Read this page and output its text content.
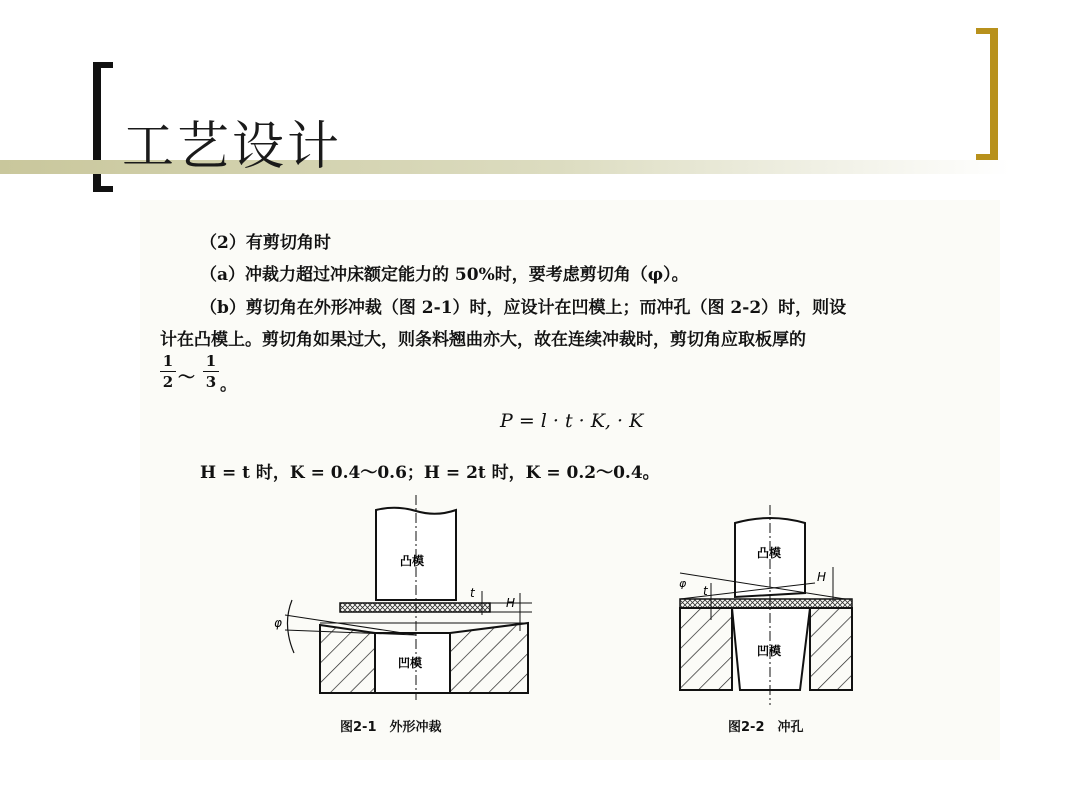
工艺设计
（2）有剪切角时
（a）冲裁力超过冲床额定能力的 50%时，要考虑剪切角（φ）。
（b）剪切角在外形冲裁（图 2-1）时，应设计在凹模上；而冲孔（图 2-2）时，则设
计在凸模上。剪切角如果过大，则条料翘曲亦大，故在连续冲裁时，剪切角应取板厚的
1
2 ～
1
3 。
P = l · t · K, · K
H = t 时，K = 0.4～0.6；H = 2t 时，K = 0.2～0.4。
凸模
凹模
φ
t
H
图2-1　外形冲裁
凸模
凹模
φ
t
H
图2-2　冲孔
